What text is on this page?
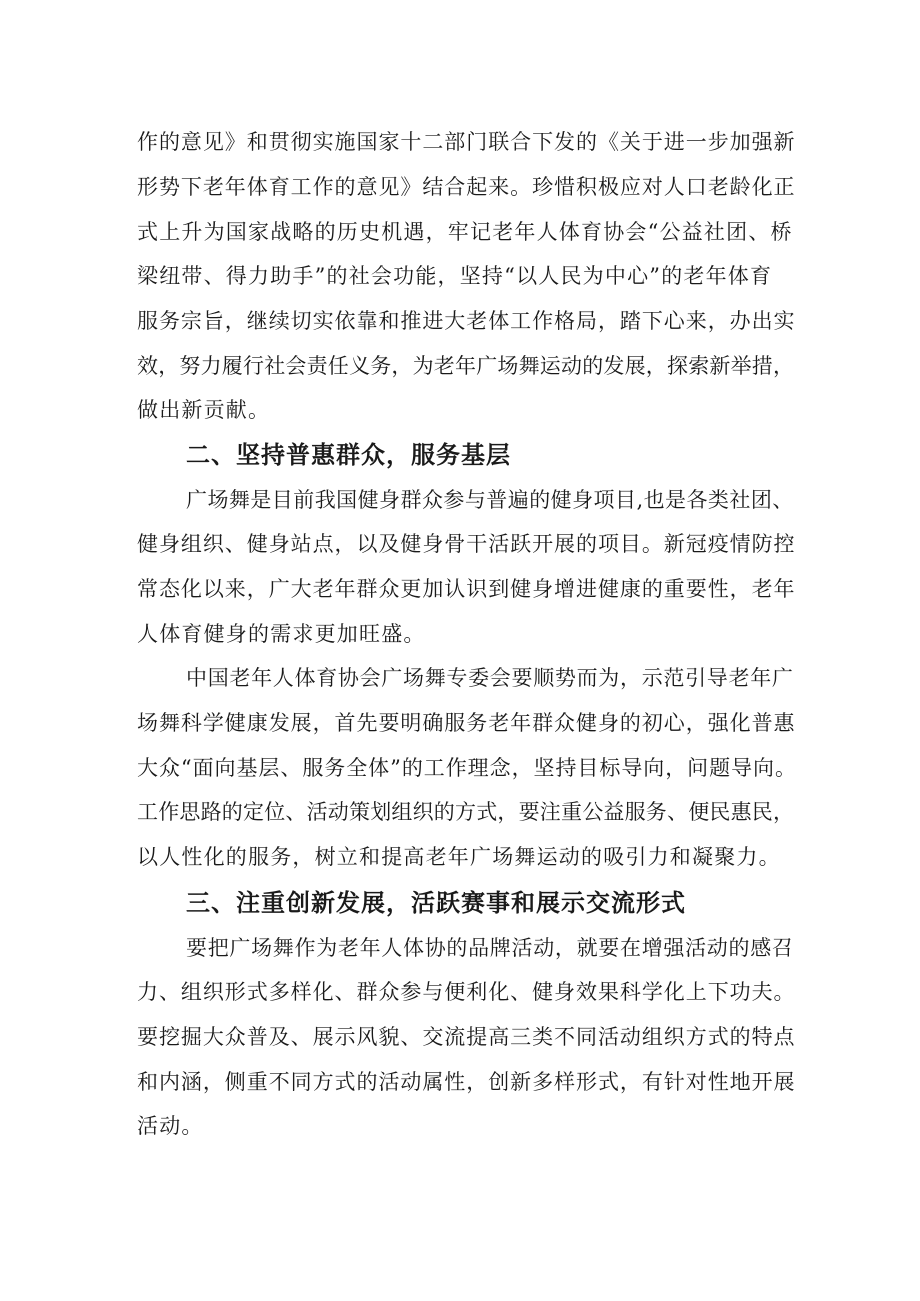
作的意见》和贯彻实施国家十二部门联合下发的《关于进一步加强新
形势下老年体育工作的意见》结合起来。珍惜积极应对人口老龄化正
式上升为国家战略的历史机遇，牢记老年人体育协会“公益社团、桥
梁纽带、得力助手”的社会功能，坚持“以人民为中心”的老年体育
服务宗旨，继续切实依靠和推进大老体工作格局，踏下心来，办出实
效，努力履行社会责任义务，为老年广场舞运动的发展，探索新举措，
做出新贡献。
二、坚持普惠群众，服务基层
广场舞是目前我国健身群众参与普遍的健身项目,也是各类社团、
健身组织、健身站点，以及健身骨干活跃开展的项目。新冠疫情防控
常态化以来，广大老年群众更加认识到健身增进健康的重要性，老年
人体育健身的需求更加旺盛。
中国老年人体育协会广场舞专委会要顺势而为，示范引导老年广
场舞科学健康发展，首先要明确服务老年群众健身的初心，强化普惠
大众“面向基层、服务全体”的工作理念，坚持目标导向，问题导向。
工作思路的定位、活动策划组织的方式，要注重公益服务、便民惠民，
以人性化的服务，树立和提高老年广场舞运动的吸引力和凝聚力。
三、注重创新发展，活跃赛事和展示交流形式
要把广场舞作为老年人体协的品牌活动，就要在增强活动的感召
力、组织形式多样化、群众参与便利化、健身效果科学化上下功夫。
要挖掘大众普及、展示风貌、交流提高三类不同活动组织方式的特点
和内涵，侧重不同方式的活动属性，创新多样形式，有针对性地开展
活动。
